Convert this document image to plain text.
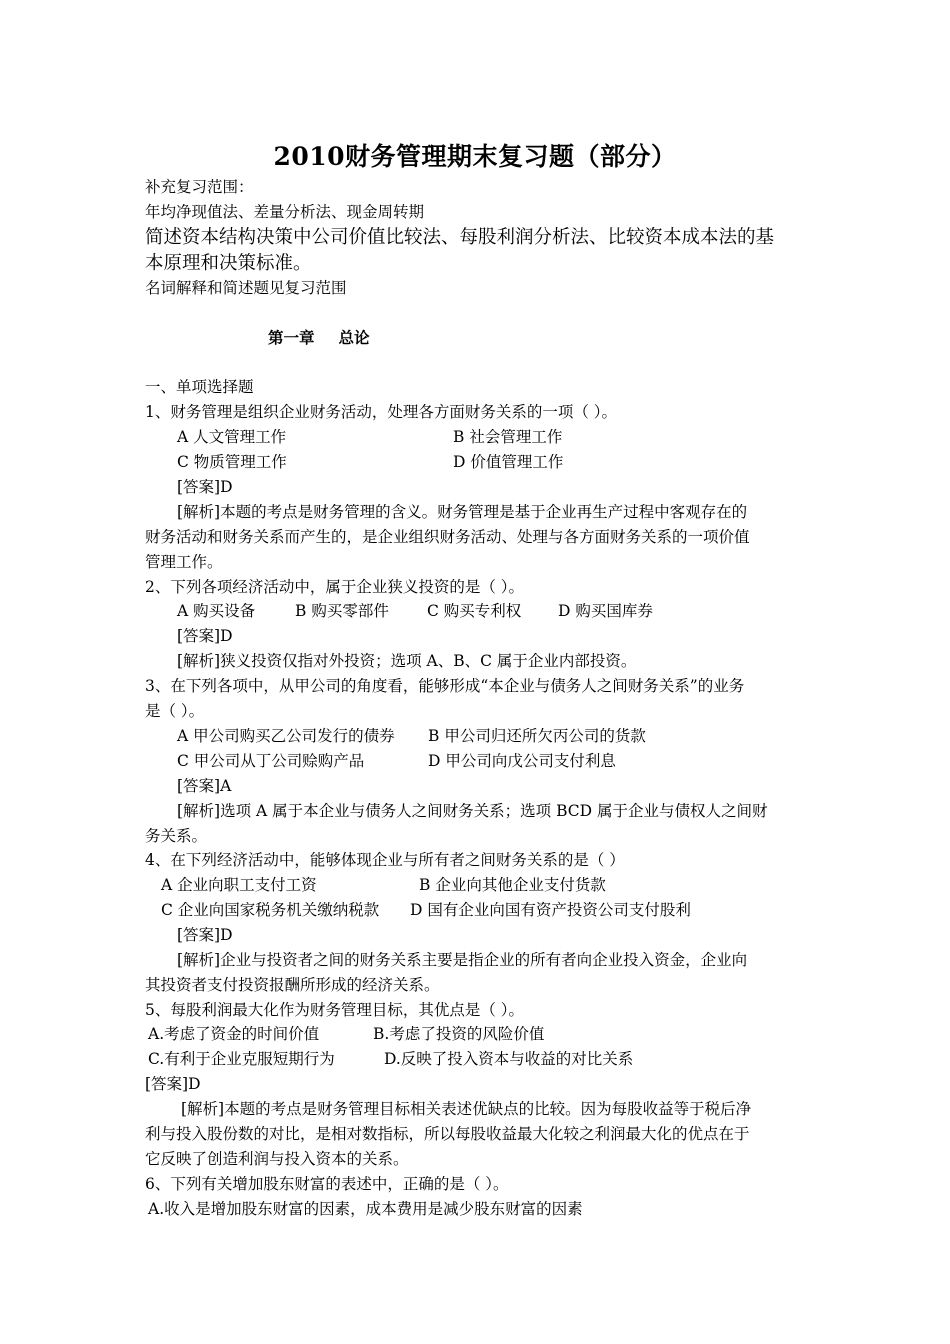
2010财务管理期末复习题（部分）
补充复习范围：
年均净现值法、差量分析法、现金周转期
简述资本结构决策中公司价值比较法、每股利润分析法、比较资本成本法的基
本原理和决策标准。
名词解释和简述题见复习范围
第一章 总论
一、单项选择题
1、财务管理是组织企业财务活动，处理各方面财务关系的一项（ ）。
A 人文管理工作	B 社会管理工作
C 物质管理工作	D 价值管理工作
[答案]D
[解析]本题的考点是财务管理的含义。财务管理是基于企业再生产过程中客观存在的
财务活动和财务关系而产生的，是企业组织财务活动、处理与各方面财务关系的一项价值
管理工作。
2、下列各项经济活动中，属于企业狭义投资的是（ ）。
A 购买设备	B 购买零部件	C 购买专利权	D 购买国库券
[答案]D
[解析]狭义投资仅指对外投资；选项 A、B、C 属于企业内部投资。
3、在下列各项中，从甲公司的角度看，能够形成“本企业与债务人之间财务关系”的业务
是（ ）。
A 甲公司购买乙公司发行的债券	B 甲公司归还所欠丙公司的货款
C 甲公司从丁公司赊购产品	D 甲公司向戊公司支付利息
[答案]A
[解析]选项 A 属于本企业与债务人之间财务关系；选项 BCD 属于企业与债权人之间财
务关系。
4、在下列经济活动中，能够体现企业与所有者之间财务关系的是（ ）
A 企业向职工支付工资	B 企业向其他企业支付货款
C 企业向国家税务机关缴纳税款	D 国有企业向国有资产投资公司支付股利
[答案]D
[解析]企业与投资者之间的财务关系主要是指企业的所有者向企业投入资金，企业向
其投资者支付投资报酬所形成的经济关系。
5、每股利润最大化作为财务管理目标，其优点是（ ）。
A.考虑了资金的时间价值	B.考虑了投资的风险价值
C.有利于企业克服短期行为	D.反映了投入资本与收益的对比关系
[答案]D
[解析]本题的考点是财务管理目标相关表述优缺点的比较。因为每股收益等于税后净
利与投入股份数的对比，是相对数指标，所以每股收益最大化较之利润最大化的优点在于
它反映了创造利润与投入资本的关系。
6、下列有关增加股东财富的表述中，正确的是（ ）。
A.收入是增加股东财富的因素，成本费用是减少股东财富的因素
